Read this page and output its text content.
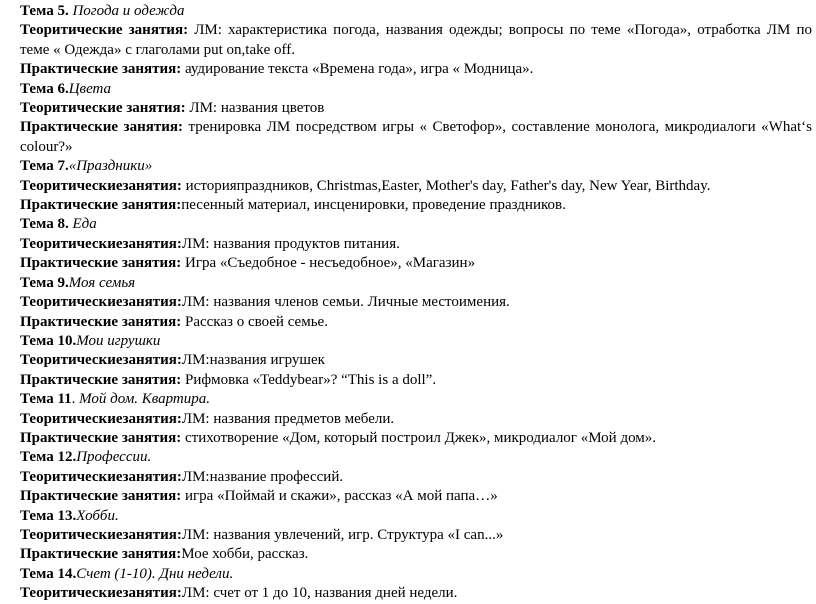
Тема 5. Погода и одежда
Теоритические занятия: ЛМ: характеристика погода, названия одежды; вопросы по теме «Погода», отработка ЛМ по теме « Одежда» с глаголами put on,take off.
Практические занятия: аудирование текста «Времена года», игра « Модница».
Тема 6.Цвета
Теоритические занятия: ЛМ: названия цветов
Практические занятия: тренировка ЛМ посредством игры « Светофор», составление монолога, микродиалоги «What‘s colour?»
Тема 7.«Праздники»
Теоритическиезанятия: историяпраздников, Christmas,Easter, Mother's day, Father's day, New Year, Birthday.
Практические занятия:песенный материал, инсценировки, проведение праздников.
Тема 8. Еда
Теоритическиезанятия:ЛМ: названия продуктов питания.
Практические занятия: Игра «Съедобное - несъедобное», «Магазин»
Тема 9.Моя семья
Теоритическиезанятия:ЛМ: названия членов семьи. Личные местоимения.
Практические занятия: Рассказ о своей семье.
Тема 10.Мои игрушки
Теоритическиезанятия:ЛМ:названия игрушек
Практические занятия: Рифмовка «Teddybear»? “This is a doll”.
Тема 11. Мой дом. Квартира.
Теоритическиезанятия:ЛМ: названия предметов мебели.
Практические занятия: стихотворение «Дом, который построил Джек», микродиалог «Мой дом».
Тема 12.Профессии.
Теоритическиезанятия:ЛМ:название профессий.
Практические занятия: игра «Поймай и скажи», рассказ «А мой папа…»
Тема 13.Хобби.
Теоритическиезанятия:ЛМ: названия увлечений, игр. Структура «I can...»
Практические занятия:Мое хобби, рассказ.
Тема 14.Счет (1-10). Дни недели.
Теоритическиезанятия:ЛМ: счет от 1 до 10, названия дней недели.
